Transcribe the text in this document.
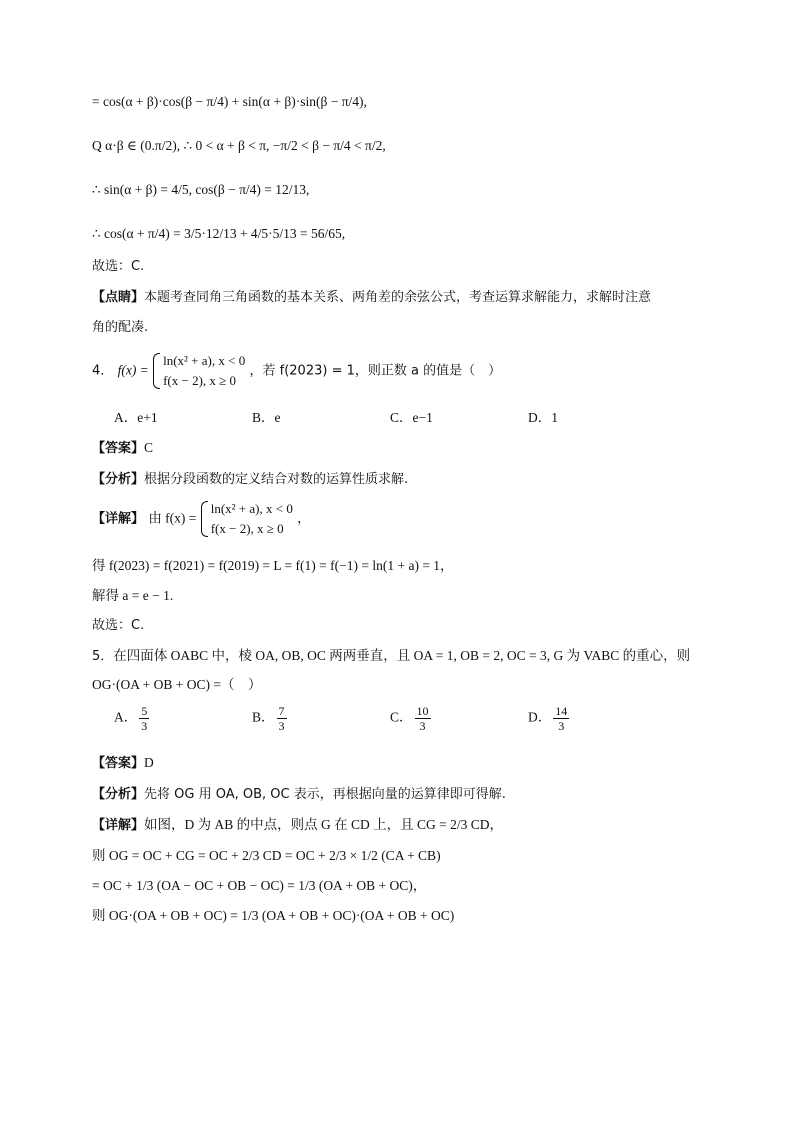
= cos(α + β)·cos(β − π/4) + sin(α + β)·sin(β − π/4),
Q α·β ∈ (0.π/2), ∴ 0 < α + β < π, −π/2 < β − π/4 < π/2,
∴ sin(α + β) = 4/5, cos(β − π/4) = 12/13,
∴ cos(α + π/4) = 3/5·12/13 + 4/5·5/13 = 56/65,
故选：C.
【点睛】本题考查同角三角函数的基本关系、两角差的余弦公式，考查运算求解能力，求解时注意
角的配凑.
4． f(x) =
ln(x² + a), x < 0
f(x − 2), x ≥ 0
，若 f(2023) = 1，则正数 a 的值是（　）
A．e+1	B．e	C．e−1	D．1
【答案】C
【分析】根据分段函数的定义结合对数的运算性质求解.
【详解】 由 f(x) =
ln(x² + a), x < 0
f(x − 2), x ≥ 0
，
得 f(2023) = f(2021) = f(2019) = L = f(1) = f(−1) = ln(1 + a) = 1，
解得 a = e − 1.
故选：C.
5．在四面体 OABC 中，棱 OA, OB, OC 两两垂直，且 OA = 1, OB = 2, OC = 3, G 为 VABC 的重心，则
OG·(OA + OB + OC) =（　）
A． $\frac{5}{3}$	B． $\frac{7}{3}$	C． $\frac{10}{3}$	D． $\frac{14}{3}$
【答案】D
【分析】先将 OG 用 OA, OB, OC 表示，再根据向量的运算律即可得解.
【详解】如图，D 为 AB 的中点，则点 G 在 CD 上，且 CG = 2/3 CD，
则 OG = OC + CG = OC + 2/3 CD = OC + 2/3 × 1/2 (CA + CB)
= OC + 1/3 (OA − OC + OB − OC) = 1/3 (OA + OB + OC)，
则 OG·(OA + OB + OC) = 1/3 (OA + OB + OC)·(OA + OB + OC)
